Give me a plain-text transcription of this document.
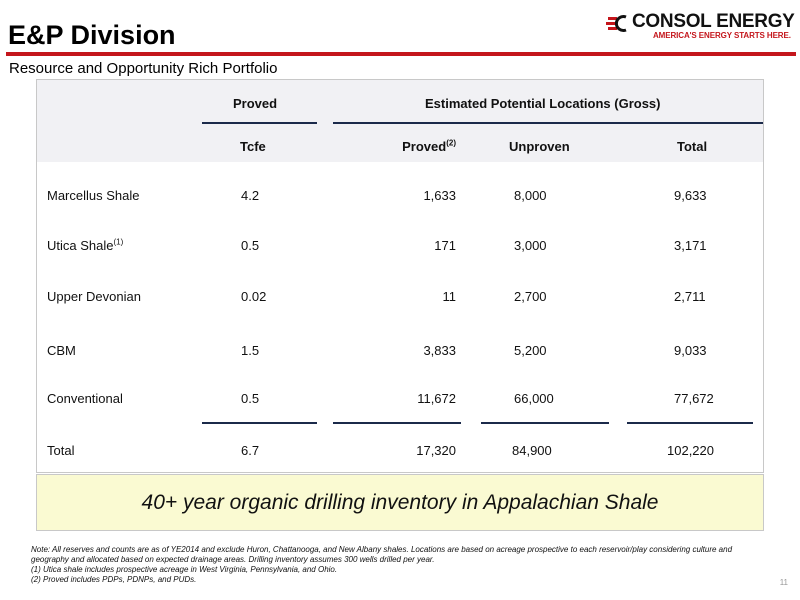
E&P Division	CONSOL ENERGY
AMERICA'S ENERGY STARTS HERE.
Resource and Opportunity Rich Portfolio
Proved	Estimated Potential Locations (Gross)
Tcfe	Proved$^{(2)}$	Unproven	Total
Marcellus Shale	4.2	1,633	8,000	9,633
Utica Shale$^{(1)}$	0.5	171	3,000	3,171
Upper Devonian	0.02	11	2,700	2,711
CBM	1.5	3,833	5,200	9,033
Conventional	0.5	11,672	66,000	77,672
Total	6.7	17,320	84,900	102,220
40+ year organic drilling inventory in Appalachian Shale
Note: All reserves and counts are as of YE2014 and exclude Huron, Chattanooga, and New Albany shales. Locations are based on acreage prospective to each reservoir/play considering culture and geography and allocated based on expected drainage areas. Drilling inventory assumes 300 wells drilled per year.
(1) Utica shale includes prospective acreage in West Virginia, Pennsylvania, and Ohio.
(2) Proved includes PDPs, PDNPs, and PUDs.	11
